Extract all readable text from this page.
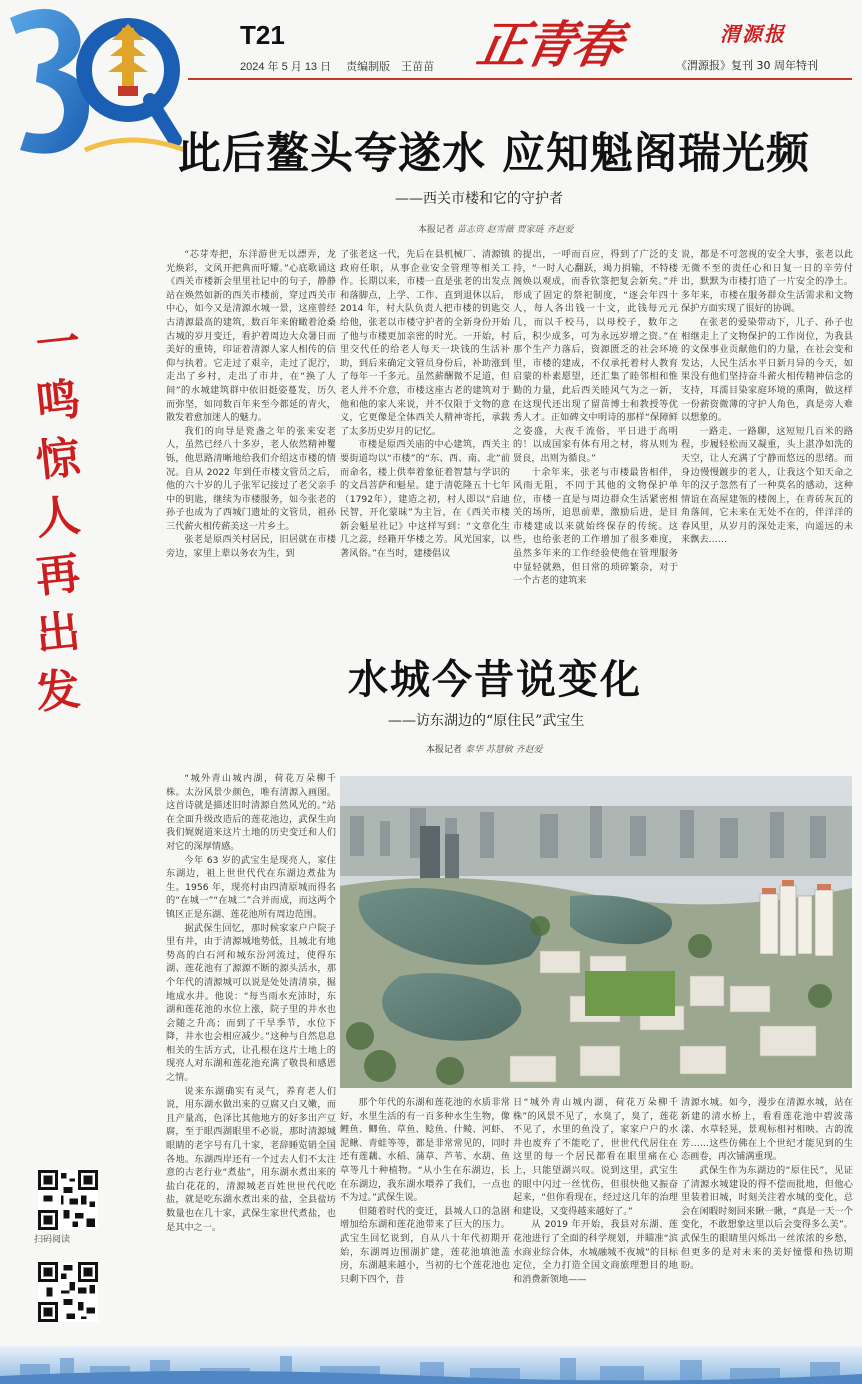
T21
2024 年 5 月 13 日 责编制版　王苗苗 正青春	渭源报
《渭源报》复刊 30 周年特刊
一
鸣
惊
人
再
出
发
此后鳌头夸遂水 应知魁阁瑞光频
——西关市楼和它的守护者
本报记者 苗志资 赵雪薇 贾家琏 齐赵爱

“芯芽寿把，东洋游世无以漂弄，龙光焕彩，文风开把典而吁耀。”心底歌诵这《西关市楼新会里里社记中的句子，静静站在焕然如新的西关市楼前，穿过西关市中心，如今又是清源水城一景，这座曾经古清源最高的建筑，数百年来俯瞰着沧桑古城的岁月变迁，看护着周边大众暑日而美好的重铸，印证着清源人家人相传的信仰与执着。它走过了艰辛，走过了泥泞，走出了乡村，走出了市井，在“换了人间”的水城建筑群中依旧挺姿蔓发，历久而弥坚，如同数百年来至今都延的青火，散发着愈加迷人的魅力。

我们的向导是瓷盏之年的张来安老人，虽然已经八十多岁，老人依然精神矍铄，他思路清晰地给我们介绍这市楼的情况。自从 2022 年到任市楼文管员之后，他的六十岁的儿子张军记接过了老父亲手中的钥匙，继续为市楼服务，如今张老的孙子也成为了西城门遗址的文管员，祖孙三代薪火相传薪美这一片乡土。

张老是原西关村居民，旧居就在市楼旁边，家里上辈以务农为生，到

了张老这一代，先后在县机械厂、清源镇政府任职，从事企业安全管理等相关工作。长期以来，市楼一直是张老的出发点和落脚点，上学、工作、直到退休以后，2014 年，村大队负责人把市楼的钥匙交给他，张老以市楼守护者的全新身份开始了他与市楼更加亲密的时光。一开始，村里交代任的给老人每天一块钱的生活补助，到后来确定文管员身份后，补助涨到了每年一千多元。虽然薪酬微不足道，但老人并不介意，市楼这座古老的建筑对于他和他的家人来说，并不仅限于文物的意义，它更像是全体西关人精神寄托，承载了太多历史岁月的记忆。

市楼是原西关庙的中心建筑，西关主要街道均以“市楼”的“东、西、南、北”前而命名，楼上供奉着象征着智慧与学识的的文昌菩萨和魁星。建于清乾隆五十七年（1792年），建造之初，村人即以“启迪民智，开化蒙昧”为主旨，在《西关市楼新会魁星社记》中这样写到：“文章化生几之蕊，经籍开华楼之芳。风光国家，以著风俗。”在当时，建楼倡议

的提出，一呼而百应，得到了广泛的支持，“一时人心翻跃，竭力捐输，不特楼阁焕以观成，而香钦箓把复会新矣。”并形成了固定的祭祀制度，“逐会年四十人，每人各出钱一十文，此钱每元元几，而以千校马，以母校子，数年之后，积少成多，可为永远岁增之资。”在那个生产力落后，资源匮乏的社会环境里，市楼的建成，不仅承托着村人教育启蒙的朴素愿望，还汇集了睦邻相和惟勤的力量，此后西关睦风气为之一新，在这现代还出现了留苗博士和教授等优秀人才。正如碑文中明诗的那样“保障鲜之姿盛，大夜千流俗，平日进于高明的！以成国家有体有用之材，将从则为贤良，出则为循良。”

十余年来，张老与市楼最皆相伴，风雨无阻，不同于其他的文物保护单位，市楼一直是与周边群众生活紧密相关的场所，追思前辈，激励后进，是目市楼建成以来就始终保存的传统。这些，也给张老的工作增加了很多难度，虽然多年来的工作经验使他在管理服务中显轻就熟，但日常的琐碎繁杂，对于一个古老的建筑来

说，都是不可忽视的安全大事，张老以此无微不至的责任心和日复一日的辛劳付出，默默为市楼打造了一片安全的净土。多年来，市楼在服务群众生活需求和文物保护方面实现了很好的协调。

在张老的爱染带动下，儿子、孙子也相继走上了文物保护的工作岗位，为我县的文保事业贡献他们的力量，在社会变和发达，人民生活水平日新月异的今天，如果没有他们坚持奋斗薪火相传精神信念的支持，耳濡目染家庭环境的熏陶，做这样一份薪资微薄的守护人角色，真是旁人难以想象的。

一路走、一路聊，这短短几百米的路程，步履轻松而又凝重，头上湛净如洗的天空，让人充满了宁静而悠远的思绪。而身边慢慢踱步的老人，让我这个知天命之年的汉子忽然有了一种莫名的感动，这种情谊在高屋建瓴的楼阁上，在青砖灰瓦的角落间，它未来在无处不在的，伴洋洋的春风里，从岁月的深处走来，向遥远的未来飘去……

水城今昔说变化
——访东湖边的“原住民”武宝生
本报记者 秦华 苏慧敏 齐赵爱

“城外青山城内湖，荷花万朵柳千株。太汾风景少颜色，唯有清源入画图。这首诗就是描述旧时清源自然风光的。”站在全面升级改造后的莲花池边，武保生向我们娓娓道来这片土地的历史变迁和人们对它的深厚情感。

今年 63 岁的武宝生是现亮人，家住东湖边，祖上世世代代在东湖边煮盐为生。1956 年，现亮村由四清原城而得名的“在城一”“在城二”合并而成，而这两个镇区正是东湖、莲花池所有周边范围。

据武保生回忆，那时候家家户户院子里有井，由于清源城地势低，且城北有地势高的白石河和城东汾河流过，使得东湖、莲花池有了源源不断的源头活水，那个年代的清源城可以说是处处清清泉，掘地成水井。他说：“每当雨水充沛时，东湖和莲花池的水位上涨，院子里的井水也会随之升高；而到了干旱季节，水位下降，井水也会相应减少。”这种与自然息息相关的生活方式，让孔根在这片土地上的现亮人对东湖和莲花池充满了敬畏和感恩之情。

说来东湖确实有灵气，养育老人们说，用东湖水做出来的豆腐又白又嫩，而且产量高，色泽比其他地方的好多出产豆腐，至于眼西湖眼里不必说，那时清源城眼睛的老字号有几十家，老辞睡览销全国各地。东湖西岸还有一个过去人们不太注意的古老行业“煮盐”，用东湖水煮出来的盐白花花的，清源城老百姓世世代代吃盐，就是吃东湖水煮出来的盐，全县盐坊数量也在几十家，武保生家世代煮盐，也是其中之一。

那个年代的东湖和莲花池的水质非常好，水里生活的有一百多种水生生物，像鲤鱼、鲫鱼、草鱼、鲶鱼、什鲮、河虾、泥鳅、青蛙等等，都是非常常见的，同时还有莲藕、水稻、蒲草、芦苇、水葫、鱼草等几十种植物。“从小生在东湖边，长在东湖边，我东湖水喂养了我们，一点也不为过。”武保生说。

但随着时代的变迁，县城人口的急剧增加给东湖和莲花池带来了巨大的压力。武宝生回忆说到，自从八十年代初期开始，东湖周边围湖扩建，莲花池填池盖房，东湖越来越小，当初的七个莲花池也只剩下四个，昔

日“城外青山城内湖，荷花万朵柳千株”的风景不见了，水臭了，臭了，莲花不见了，水里的鱼没了，家家户户的水井也废弃了不能吃了，世世代代居住在这里的每一个居民都看在眼里痛在心上，只能望湖兴叹。说到这里，武宝生的眼中闪过一丝忧伤，但很快他又振奋起来，“但你看现在，经过这几年的治理和建设，又变得越来越好了。”

从 2019 年开始，我县对东湖、莲花池进行了全面的科学规划，并瞄准“滨水商业综合体，水城融城不夜城”的目标定位，全力打造全国文商旅理想目的地和消费新领地——

清源水城。如今，漫步在清源水城，站在新建的清水桥上，看看莲花池中碧波荡漾、水草轻晃，景观标相衬相映、古韵流芳……这些仿佛在上个世纪才能见到的生态画卷，再次铺满重现。

武保生作为东湖边的“原住民”，见证了清源水城建设的得不偿而批地，但他心里装着旧城，时刻关注着水城的变化，总会在闲暇时刻回来瞅一瞅，“真是一天一个变化，不敢想象这里以后会变得多么美”。武保生的眼睛里闪烁出一丝浓浓的乡愁，但更多的是对未来的美好憧憬和热切期盼。

扫码阅读
